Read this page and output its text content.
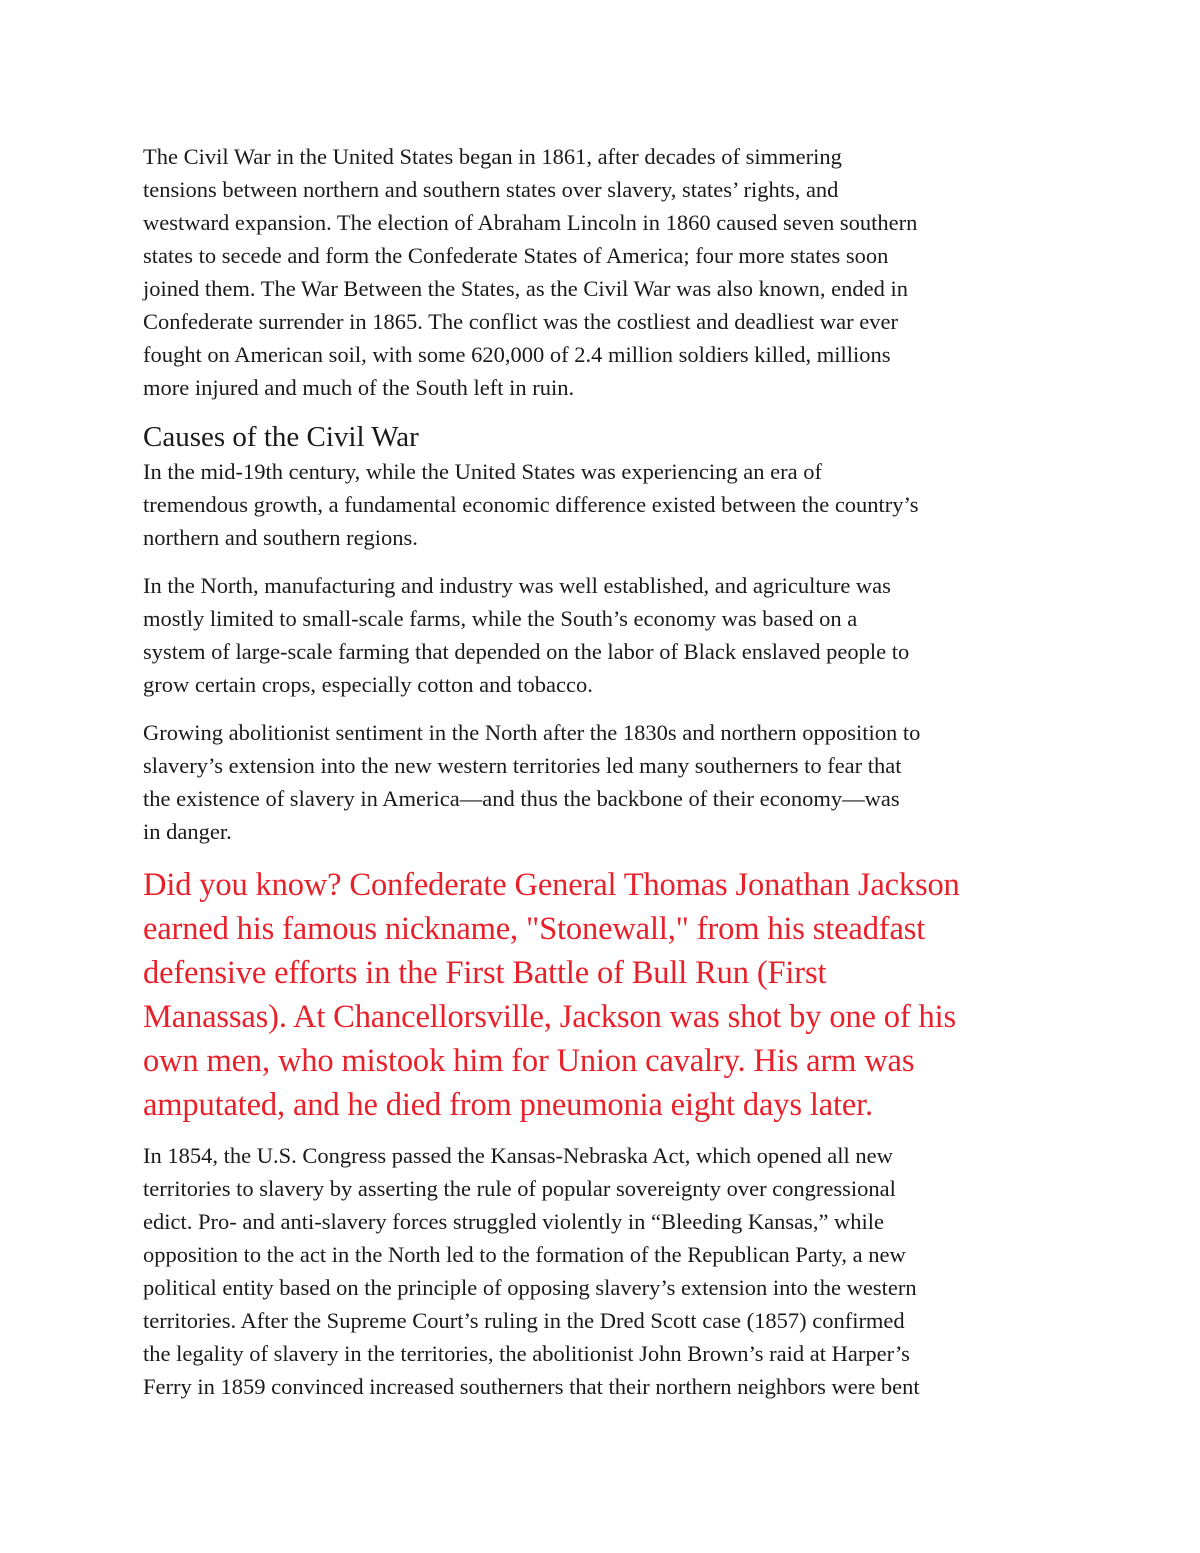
The Civil War in the United States began in 1861, after decades of simmering
tensions between northern and southern states over slavery, states’ rights, and
westward expansion. The election of Abraham Lincoln in 1860 caused seven southern
states to secede and form the Confederate States of America; four more states soon
joined them. The War Between the States, as the Civil War was also known, ended in
Confederate surrender in 1865. The conflict was the costliest and deadliest war ever
fought on American soil, with some 620,000 of 2.4 million soldiers killed, millions
more injured and much of the South left in ruin.

Causes of the Civil War

In the mid-19th century, while the United States was experiencing an era of
tremendous growth, a fundamental economic difference existed between the country’s
northern and southern regions.

In the North, manufacturing and industry was well established, and agriculture was
mostly limited to small-scale farms, while the South’s economy was based on a
system of large-scale farming that depended on the labor of Black enslaved people to
grow certain crops, especially cotton and tobacco.

Growing abolitionist sentiment in the North after the 1830s and northern opposition to
slavery’s extension into the new western territories led many southerners to fear that
the existence of slavery in America—and thus the backbone of their economy—was
in danger.

Did you know? Confederate General Thomas Jonathan Jackson
earned his famous nickname, "Stonewall," from his steadfast
defensive efforts in the First Battle of Bull Run (First
Manassas). At Chancellorsville, Jackson was shot by one of his
own men, who mistook him for Union cavalry. His arm was
amputated, and he died from pneumonia eight days later.

In 1854, the U.S. Congress passed the Kansas-Nebraska Act, which opened all new
territories to slavery by asserting the rule of popular sovereignty over congressional
edict. Pro- and anti-slavery forces struggled violently in “Bleeding Kansas,” while
opposition to the act in the North led to the formation of the Republican Party, a new
political entity based on the principle of opposing slavery’s extension into the western
territories. After the Supreme Court’s ruling in the Dred Scott case (1857) confirmed
the legality of slavery in the territories, the abolitionist John Brown’s raid at Harper’s
Ferry in 1859 convinced increased southerners that their northern neighbors were bent
